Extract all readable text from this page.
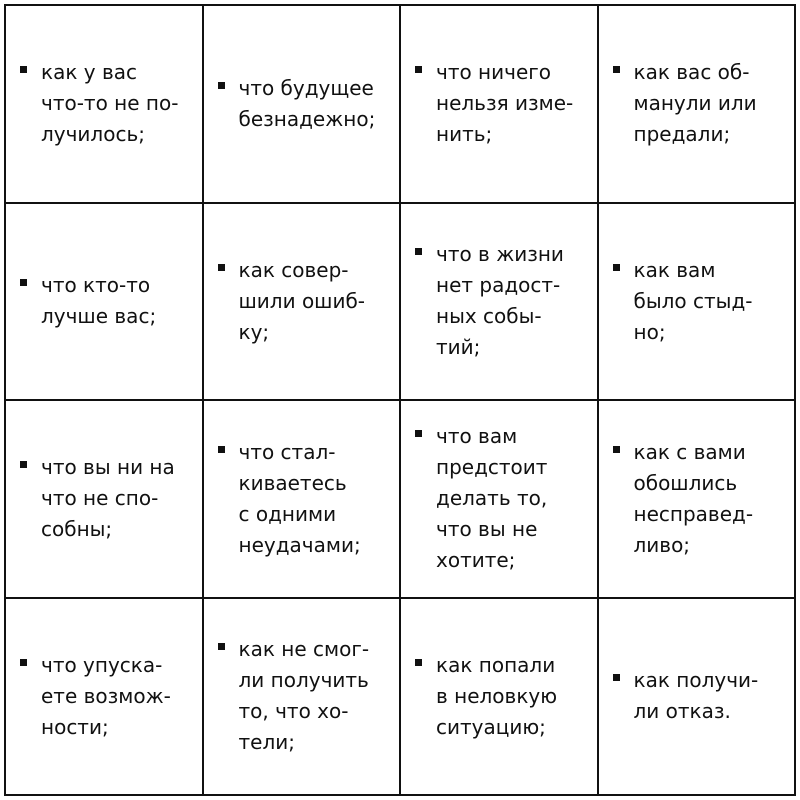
как у вас
что-то не по-
лучилось;
что будущее
безнадежно;
что ничего
нельзя изме-
нить;
как вас об-
манули или
предали;
что кто-то
лучше вас;
как совер-
шили ошиб-
ку;
что в жизни
нет радост-
ных собы-
тий;
как вам
было стыд-
но;
что вы ни на
что не спо-
собны;
что стал-
киваетесь
с одними
неудачами;
что вам
предстоит
делать то,
что вы не
хотите;
как с вами
обошлись
несправед-
ливо;
что упуска-
ете возмож-
ности;
как не смог-
ли получить
то, что хо-
тели;
как попали
в неловкую
ситуацию;
как получи-
ли отказ.
